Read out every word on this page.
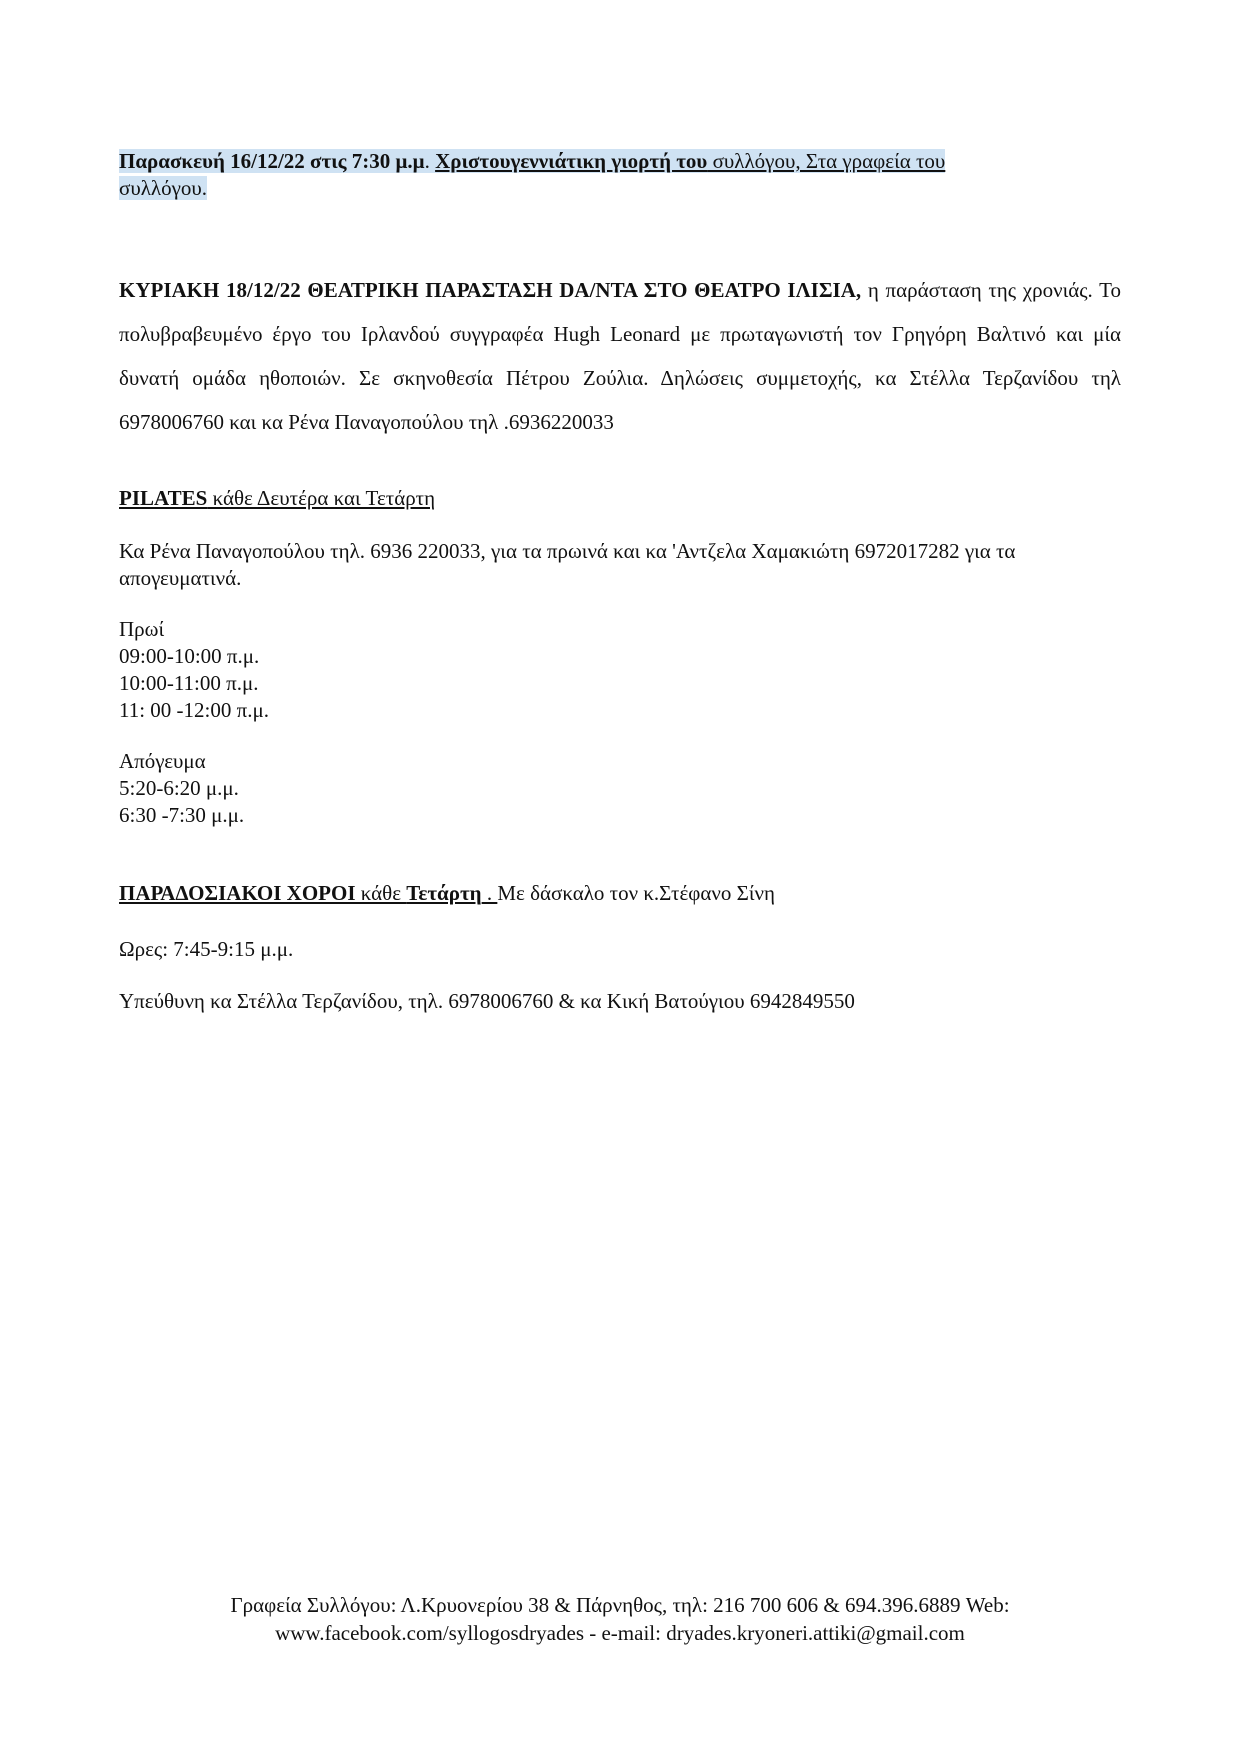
Παρασκευή 16/12/22 στις 7:30 μ.μ. Χριστουγεννιάτικη γιορτή του συλλόγου, Στα γραφεία του

συλλόγου.

ΚΥΡΙΑΚΗ 18/12/22 ΘΕΑΤΡΙΚΗ ΠΑΡΑΣΤΑΣΗ DA/NTA ΣΤΟ ΘΕΑΤΡΟ ΙΛΙΣΙΑ, η παράσταση της χρονιάς. Το πολυβραβευμένο έργο του Ιρλανδού συγγραφέα Hugh Leonard με πρωταγωνιστή τον Γρηγόρη Βαλτινό και μία δυνατή ομάδα ηθοποιών. Σε σκηνοθεσία Πέτρου Ζούλια. Δηλώσεις συμμετοχής, κα Στέλλα Τερζανίδου τηλ 6978006760 και κα Ρένα Παναγοπούλου τηλ .6936220033

PILATES κάθε Δευτέρα και Τετάρτη

Κα Ρένα Παναγοπούλου τηλ. 6936 220033, για τα πρωινά και κα 'Αντζελα Χαμακιώτη 6972017282 για τα απογευματινά.

Πρωί

09:00-10:00 π.μ.

10:00-11:00 π.μ.

11: 00 -12:00 π.μ.

Απόγευμα

5:20-6:20 μ.μ.

6:30 -7:30 μ.μ.

ΠΑΡΑΔΟΣΙΑΚΟΙ ΧΟΡΟΙ κάθε Τετάρτη . Με δάσκαλο τον κ.Στέφανο Σίνη

Ωρες: 7:45-9:15 μ.μ.

Υπεύθυνη κα Στέλλα Τερζανίδου, τηλ. 6978006760 & κα Κική Βατούγιου 6942849550

Γραφεία Συλλόγου: Λ.Κρυονερίου 38 & Πάρνηθος, τηλ: 216 700 606 & 694.396.6889 Web:

www.facebook.com/syllogosdryades - e-mail: dryades.kryoneri.attiki@gmail.com
